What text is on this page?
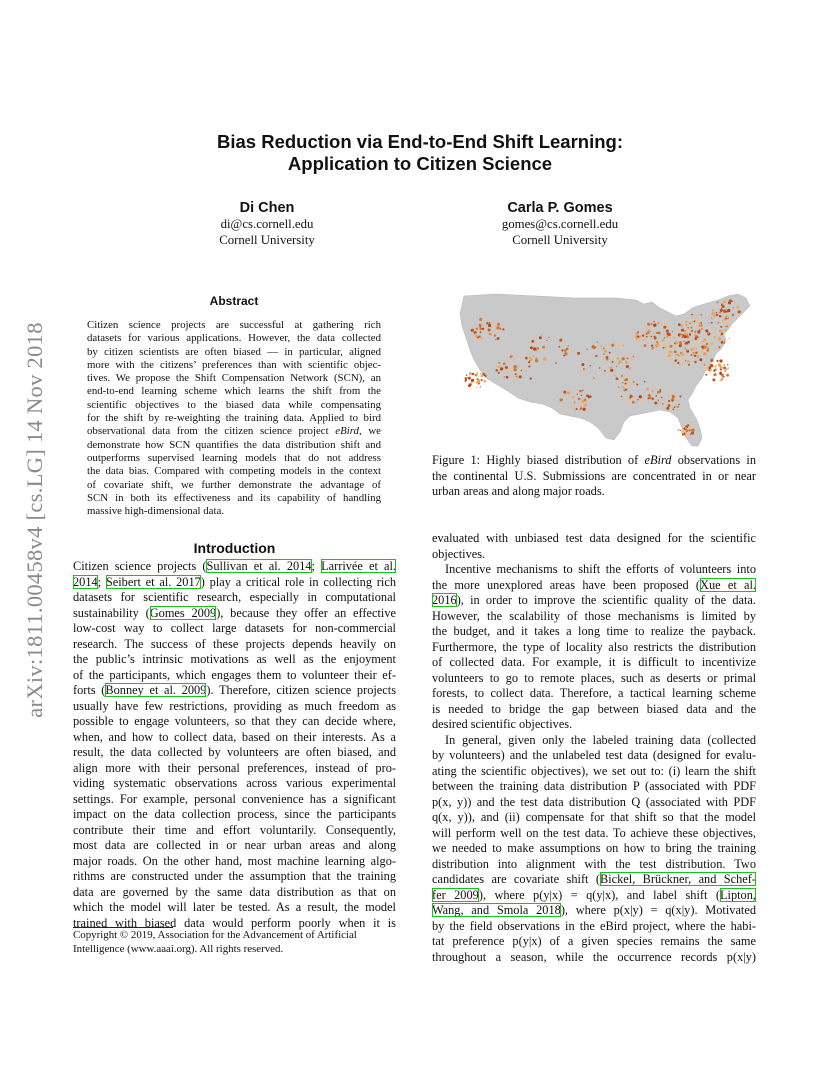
arXiv:1811.00458v4 [cs.LG] 14 Nov 2018
Bias Reduction via End-to-End Shift Learning:
Application to Citizen Science
Di Chen
di@cs.cornell.edu
Cornell University
Carla P. Gomes
gomes@cs.cornell.edu
Cornell University
Abstract
Citizen science projects are successful at gathering rich
datasets for various applications. However, the data collected
by citizen scientists are often biased — in particular, aligned
more with the citizens’ preferences than with scientific objec-
tives. We propose the Shift Compensation Network (SCN), an
end-to-end learning scheme which learns the shift from the
scientific objectives to the biased data while compensating
for the shift by re-weighting the training data. Applied to bird
observational data from the citizen science project eBird, we
demonstrate how SCN quantifies the data distribution shift and
outperforms supervised learning models that do not address
the data bias. Compared with competing models in the context
of covariate shift, we further demonstrate the advantage of
SCN in both its effectiveness and its capability of handling
massive high-dimensional data.
Figure 1: Highly biased distribution of eBird observations in
the continental U.S. Submissions are concentrated in or near
urban areas and along major roads.
Introduction
Citizen science projects (Sullivan et al. 2014; Larrivée et al.
2014; Seibert et al. 2017) play a critical role in collecting rich
datasets for scientific research, especially in computational
sustainability (Gomes 2009), because they offer an effective
low-cost way to collect large datasets for non-commercial
research. The success of these projects depends heavily on
the public’s intrinsic motivations as well as the enjoyment
of the participants, which engages them to volunteer their ef-
forts (Bonney et al. 2009). Therefore, citizen science projects
usually have few restrictions, providing as much freedom as
possible to engage volunteers, so that they can decide where,
when, and how to collect data, based on their interests. As a
result, the data collected by volunteers are often biased, and
align more with their personal preferences, instead of pro-
viding systematic observations across various experimental
settings. For example, personal convenience has a significant
impact on the data collection process, since the participants
contribute their time and effort voluntarily. Consequently,
most data are collected in or near urban areas and along
major roads. On the other hand, most machine learning algo-
rithms are constructed under the assumption that the training
data are governed by the same data distribution as that on
which the model will later be tested. As a result, the model
trained with biased data would perform poorly when it is
evaluated with unbiased test data designed for the scientific
objectives.
Incentive mechanisms to shift the efforts of volunteers into
the more unexplored areas have been proposed (Xue et al.
2016), in order to improve the scientific quality of the data.
However, the scalability of those mechanisms is limited by
the budget, and it takes a long time to realize the payback.
Furthermore, the type of locality also restricts the distribution
of collected data. For example, it is difficult to incentivize
volunteers to go to remote places, such as deserts or primal
forests, to collect data. Therefore, a tactical learning scheme
is needed to bridge the gap between biased data and the
desired scientific objectives.
In general, given only the labeled training data (collected
by volunteers) and the unlabeled test data (designed for evalu-
ating the scientific objectives), we set out to: (i) learn the shift
between the training data distribution P (associated with PDF
p(x, y)) and the test data distribution Q (associated with PDF
q(x, y)), and (ii) compensate for that shift so that the model
will perform well on the test data. To achieve these objectives,
we needed to make assumptions on how to bring the training
distribution into alignment with the test distribution. Two
candidates are covariate shift (Bickel, Brückner, and Schef-
fer 2009), where p(y|x) = q(y|x), and label shift (Lipton,
Wang, and Smola 2018), where p(x|y) = q(x|y). Motivated
by the field observations in the eBird project, where the habi-
tat preference p(y|x) of a given species remains the same
throughout a season, while the occurrence records p(x|y)
Copyright © 2019, Association for the Advancement of Artificial
Intelligence (www.aaai.org). All rights reserved.
